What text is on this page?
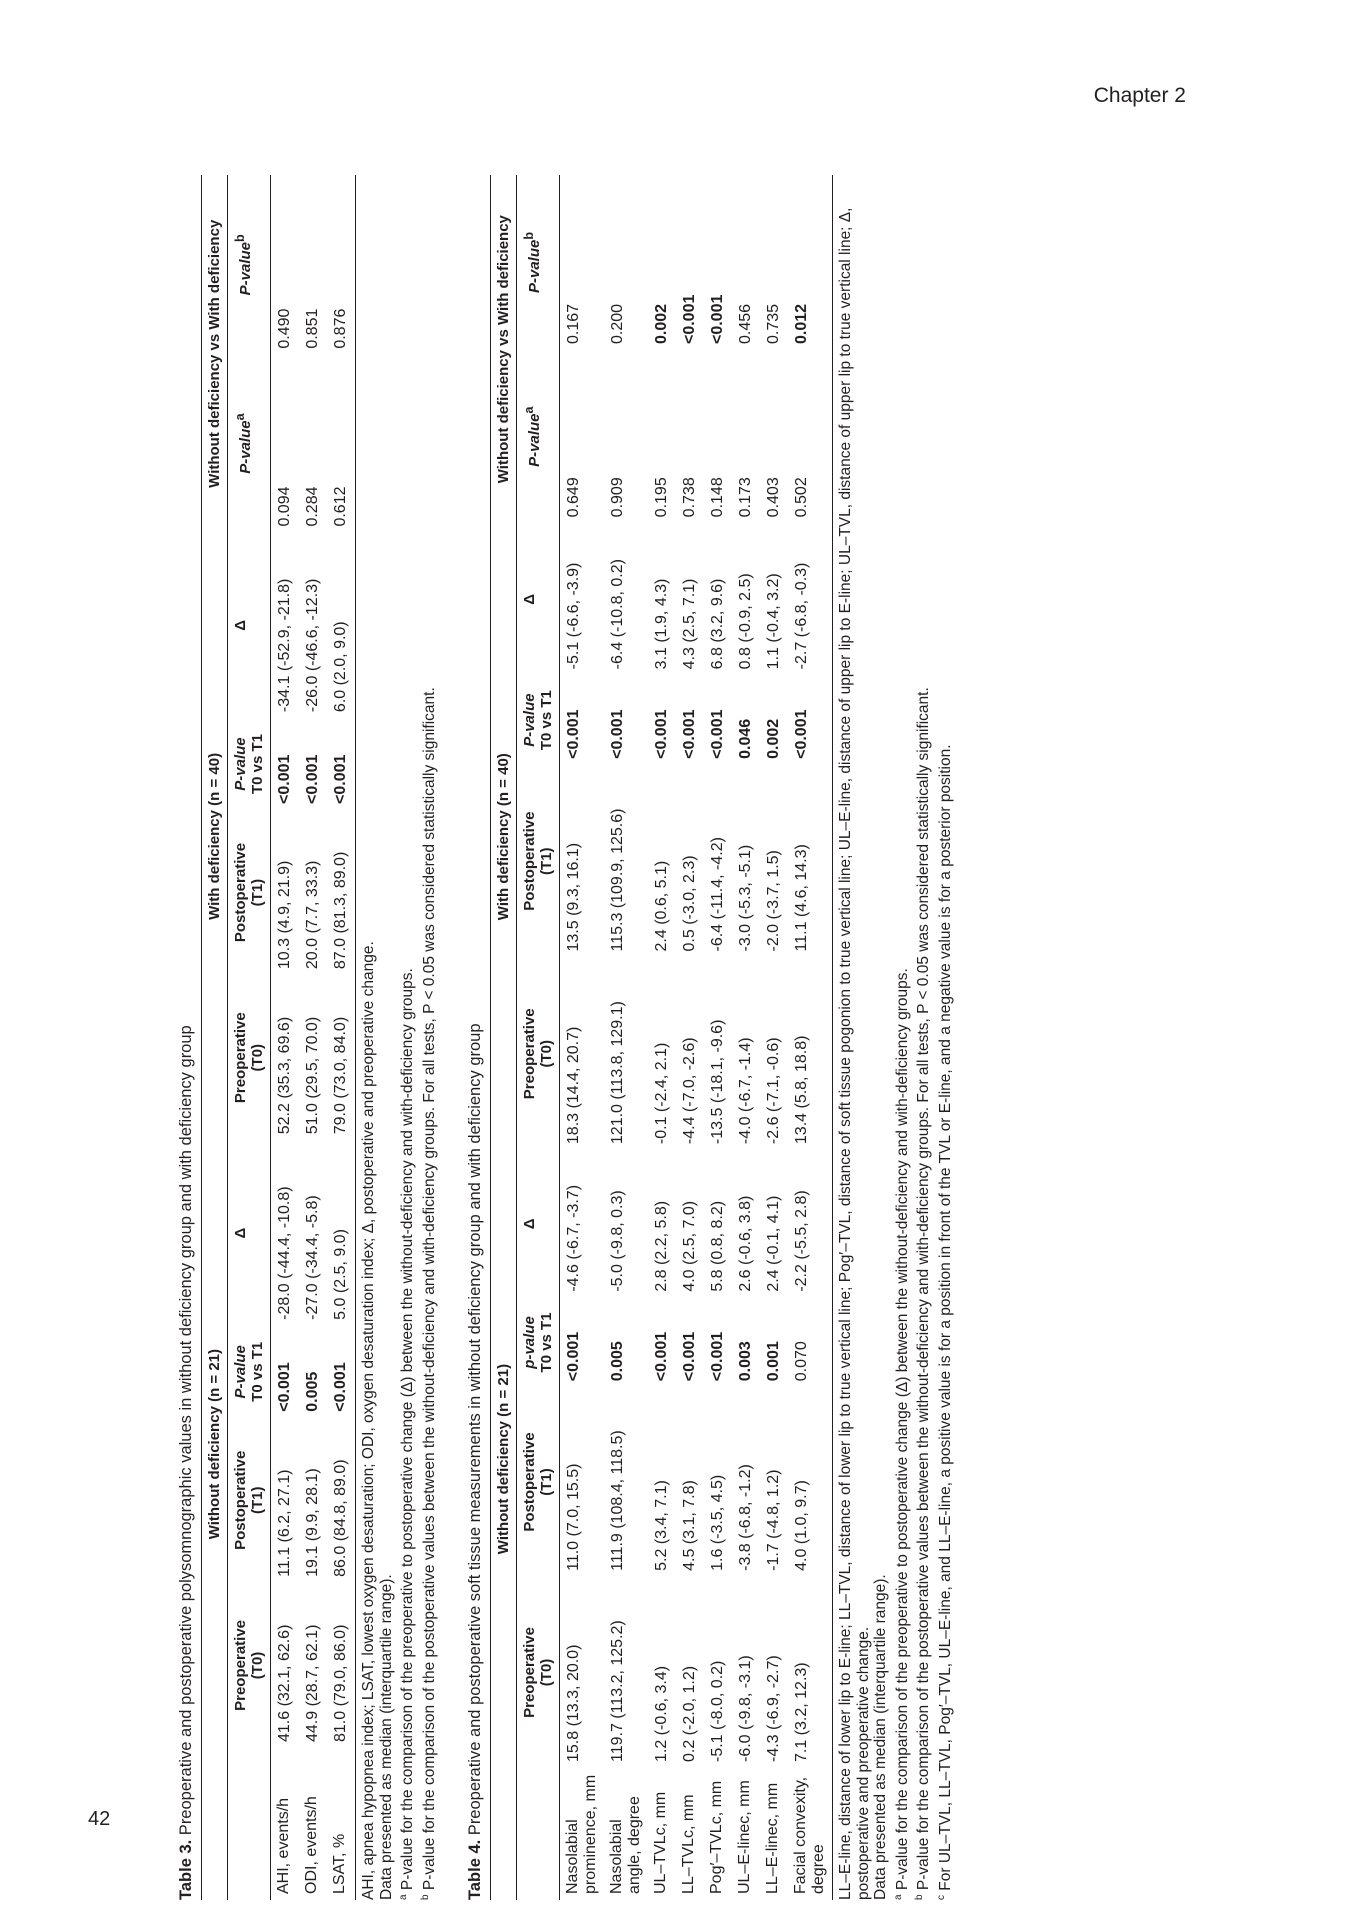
Chapter 2
42
Table 3. Preoperative and postoperative polysomnographic values in without deficiency group and with deficiency group
	Without deficiency (n = 21)				With deficiency (n = 40)				Without deficiency vs With deficiency	
	Preoperative
(T0)	Postoperative
(T1)	P-value
T0 vs T1	Δ	Preoperative
(T0)	Postoperative
(T1)	P-value
T0 vs T1	Δ	P-value$^a$	P-value$^b$
AHI, events/h	41.6 (32.1, 62.6)	11.1 (6.2, 27.1)	<0.001	-28.0 (-44.4, -10.8)	52.2 (35.3, 69.6)	10.3 (4.9, 21.9)	<0.001	-34.1 (-52.9, -21.8)	0.094	0.490
ODI, events/h	44.9 (28.7, 62.1)	19.1 (9.9, 28.1)	0.005	-27.0 (-34.4, -5.8)	51.0 (29.5, 70.0)	20.0 (7.7, 33.3)	<0.001	-26.0 (-46.6, -12.3)	0.284	0.851
LSAT, %	81.0 (79.0, 86.0)	86.0 (84.8, 89.0)	<0.001	5.0 (2.5, 9.0)	79.0 (73.0, 84.0)	87.0 (81.3, 89.0)	<0.001	6.0 (2.0, 9.0)	0.612	0.876
AHI, apnea hypopnea index; LSAT, lowest oxygen desaturation; ODI, oxygen desaturation index; Δ, postoperative and preoperative change. Data presented as median (interquartile range). $^a$ P-value for the comparison of the preoperative to postoperative change (Δ) between the without-deficiency and with-deficiency groups.
$^b$ P-value for the comparison of the postoperative values between the without-deficiency and with-deficiency groups. For all tests, P < 0.05 was considered statistically significant. Table 4. Preoperative and postoperative soft tissue measurements in without deficiency group and with deficiency group
	Without deficiency (n = 21)				With deficiency (n = 40)				Without deficiency vs With deficiency	
	Preoperative
(T0)	Postoperative
(T1)	p-value
T0 vs T1	Δ	Preoperative
(T0)	Postoperative
(T1)	P-value
T0 vs T1	Δ	P-value$^a$	P-value$^b$
Nasolabial prominence, mm	15.8 (13.3, 20.0)	11.0 (7.0, 15.5)	<0.001	-4.6 (-6.7, -3.7)	18.3 (14.4, 20.7)	13.5 (9.3, 16.1)	<0.001	-5.1 (-6.6, -3.9)	0.649	0.167
Nasolabial angle, degree	119.7 (113.2, 125.2)	111.9 (108.4, 118.5)	0.005	-5.0 (-9.8, 0.3)	121.0 (113.8, 129.1)	115.3 (109.9, 125.6)	<0.001	-6.4 (-10.8, 0.2)	0.909	0.200
UL–TVLc, mm	1.2 (-0.6, 3.4)	5.2 (3.4, 7.1)	<0.001	2.8 (2.2, 5.8)	-0.1 (-2.4, 2.1)	2.4 (0.6, 5.1)	<0.001	3.1 (1.9, 4.3)	0.195	0.002
LL–TVLc, mm	0.2 (-2.0, 1.2)	4.5 (3.1, 7.8)	<0.001	4.0 (2.5, 7.0)	-4.4 (-7.0, -2.6)	0.5 (-3.0, 2.3)	<0.001	4.3 (2.5, 7.1)	0.738	<0.001
Pog′–TVLc, mm	-5.1 (-8.0, 0.2)	1.6 (-3.5, 4.5)	<0.001	5.8 (0.8, 8.2)	-13.5 (-18.1, -9.6)	-6.4 (-11.4, -4.2)	<0.001	6.8 (3.2, 9.6)	0.148	<0.001
UL–E-linec, mm	-6.0 (-9.8, -3.1)	-3.8 (-6.8, -1.2)	0.003	2.6 (-0.6, 3.8)	-4.0 (-6.7, -1.4)	-3.0 (-5.3, -5.1)	0.046	0.8 (-0.9, 2.5)	0.173	0.456
LL–E-linec, mm	-4.3 (-6.9, -2.7)	-1.7 (-4.8, 1.2)	0.001	2.4 (-0.1, 4.1)	-2.6 (-7.1, -0.6)	-2.0 (-3.7, 1.5)	0.002	1.1 (-0.4, 3.2)	0.403	0.735
Facial convexity, degree	7.1 (3.2, 12.3)	4.0 (1.0, 9.7)	0.070	-2.2 (-5.5, 2.8)	13.4 (5.8, 18.8)	11.1 (4.6, 14.3)	<0.001	-2.7 (-6.8, -0.3)	0.502	0.012 LL–E-line, distance of lower lip to E-line; LL–TVL, distance of lower lip to true vertical line; Pog′–TVL, distance of soft tissue pogonion to true vertical line; UL–E-line, distance of upper lip to E-line; UL–TVL, distance of upper lip to true vertical line; Δ, postoperative and preoperative change. Data presented as median (interquartile range). $^a$ P-value for the comparison of the preoperative to postoperative change (Δ) between the without-deficiency and with-deficiency groups.
$^b$ P-value for the comparison of the postoperative values between the without-deficiency and with-deficiency groups. For all tests, P < 0.05 was considered statistically significant.
$^c$ For UL–TVL, LL–TVL, Pog′–TVL, UL–E-line, and LL–E-line, a positive value is for a position in front of the TVL or E-line, and a negative value is for a posterior position.
